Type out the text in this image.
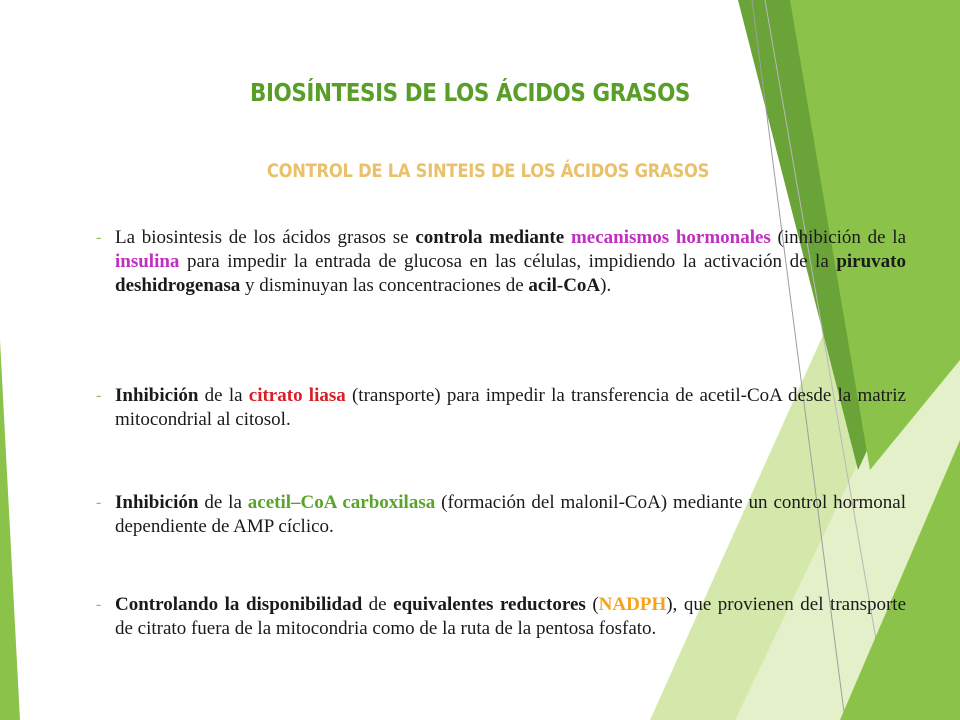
BIOSÍNTESIS DE LOS ÁCIDOS GRASOS
CONTROL DE LA SINTEIS DE LOS ÁCIDOS GRASOS
- La biosintesis de los ácidos grasos se controla mediante mecanismos hormonales (inhibición de la insulina para impedir la entrada de glucosa en las células, impidiendo la activación de la piruvato deshidrogenasa y disminuyan las concentraciones de acil-CoA).
- Inhibición de la citrato liasa (transporte) para impedir la transferencia de acetil-CoA desde la matriz mitocondrial al citosol.
- Inhibición de la acetil–CoA carboxilasa (formación del malonil-CoA) mediante un control hormonal dependiente de AMP cíclico.
- Controlando la disponibilidad de equivalentes reductores (NADPH), que provienen del transporte de citrato fuera de la mitocondria como de la ruta de la pentosa fosfato.
